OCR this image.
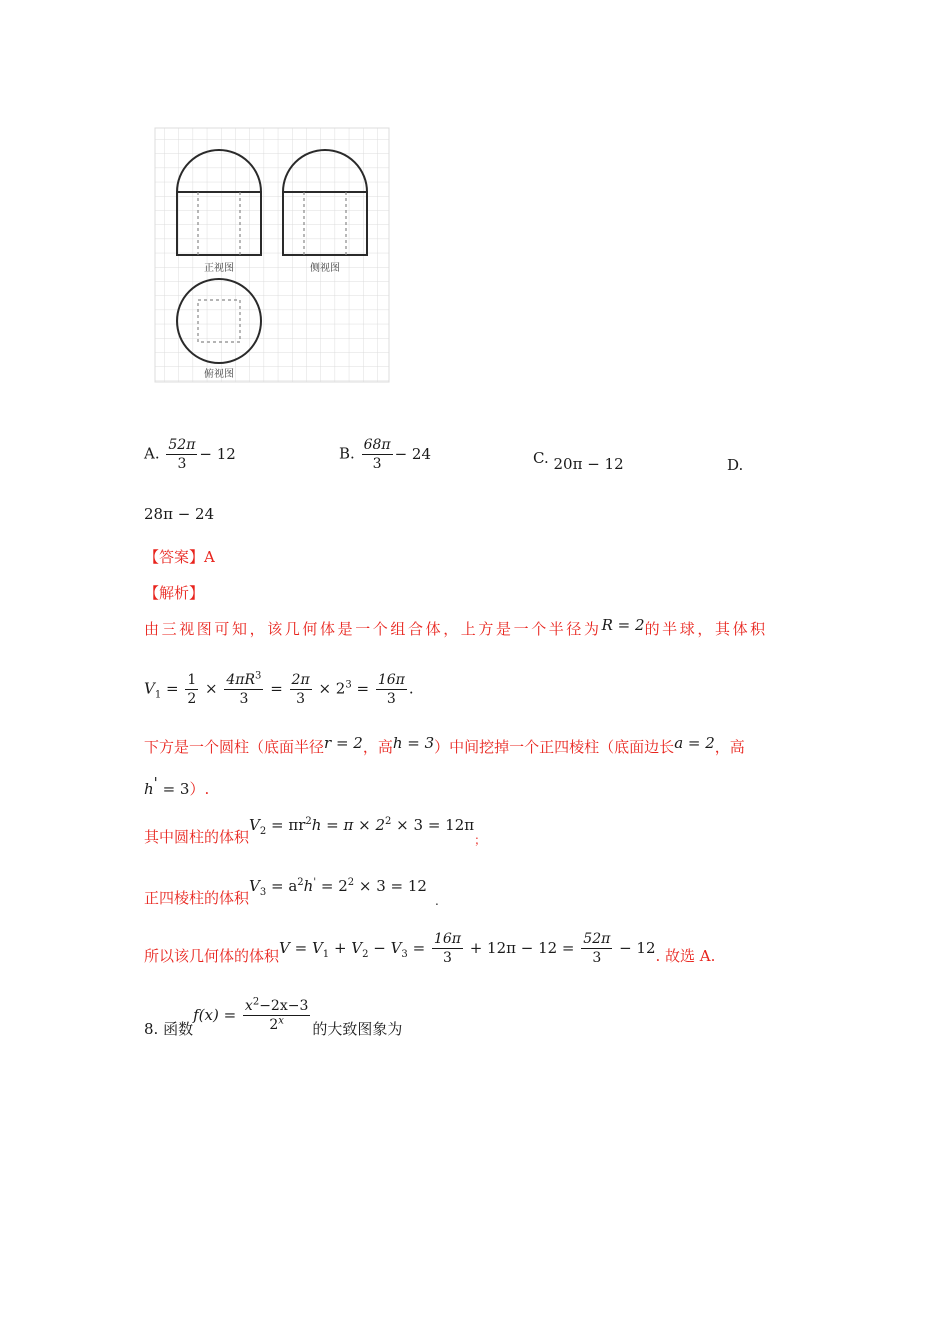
正视图	侧视图
俯视图
A. $\frac{52\pi}{3} - 12$	B. $\frac{68\pi}{3} - 24$	C. 20π − 12	D.
28π − 24
【答案】A
【解析】
由三视图可知，该几何体是一个组合体，上方是一个半径为R = 2的半球，其体积
$V_1 = \frac{1}{2} \times \frac{4\pi R^3}{3} = \frac{2\pi}{3} \times 2^3 = \frac{16\pi}{3}$ .
下方是一个圆柱（底面半径r = 2，高h = 3）中间挖掉一个正四棱柱（底面边长a = 2，高
h' = 3）.
其中圆柱的体积$V_2 = \pi r^2h = \pi \times 2^2 \times 3 = 12\pi$；
正四棱柱的体积$V_3 = a^2h' = 2^2 \times 3 = 12$.
所以该几何体的体积$V = V_1 + V_2 - V_3 = \frac{16\pi}{3} + 12\pi - 12 = \frac{52\pi}{3} - 12$. 故选 A.
8. 函数$f(x) = \frac{x^2-2x-3}{2^x}$ 的大致图象为
